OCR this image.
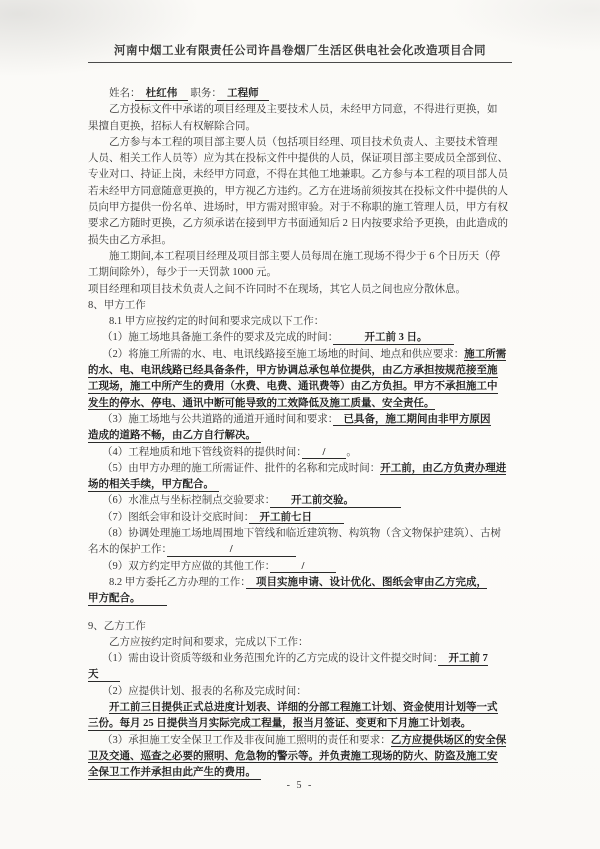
河南中烟工业有限责任公司许昌卷烟厂生活区供电社会化改造项目合同
姓名：　杜红伟　 职务：　工程师　
乙方投标文件中承诺的项目经理及主要技术人员，未经甲方同意，不得进行更换，如
果擅自更换，招标人有权解除合同。
乙方参与本工程的项目部主要人员（包括项目经理、项目技术负责人、主要技术管理
人员、相关工作人员等）应为其在投标文件中提供的人员，保证项目部主要成员全部到位、
专业对口、持证上岗，未经甲方同意，不得在其他工地兼职。乙方参与本工程的项目部人员
若未经甲方同意随意更换的，甲方视乙方违约。乙方在进场前须按其在投标文件中提供的人
员向甲方提供一份名单、进场时，甲方需对照审验。对于不称职的施工管理人员，甲方有权
要求乙方随时更换，乙方须承诺在接到甲方书面通知后 2 日内按要求给予更换，由此造成的
损失由乙方承担。
施工期间,本工程项目经理及项目部主要人员每周在施工现场不得少于 6 个日历天（停
工期间除外），每少于一天罚款 1000 元。
项目经理和项目技术负责人之间不许同时不在现场，其它人员之间也应分散休息。
8、甲方工作
8.1 甲方应按约定的时间和要求完成以下工作：
（1）施工场地具备施工条件的要求及完成的时间：　　　开工前 3 日。　　　
（2）将施工所需的水、电、电讯线路接至施工场地的时间、地点和供应要求：施工所需
的水、电、电讯线路已经具备条件，甲方协调总承包单位提供，由乙方承担按规范接至施
工现场，施工中所产生的费用（水费、电费、通讯费等）由乙方负担。甲方不承担施工中
发生的停水、停电、通讯中断可能导致的工效降低及施工质量、安全责任。
（3）施工场地与公共道路的通道开通时间和要求：　已具备，施工期间由非甲方原因
造成的道路不畅，由乙方自行解决。　
（4）工程地质和地下管线资料的提供时间：　　/　　。
（5）由甲方办理的施工所需证件、批件的名称和完成时间：开工前，由乙方负责办理进
场的相关手续，甲方配合。　
（6）水准点与坐标控制点交验要求：　　开工前交验。　　　　　
（7）图纸会审和设计交底时间：　开工前七日　　　
（8）协调处理施工场地周围地下管线和临近建筑物、构筑物（含文物保护建筑）、古树
名木的保护工作：　　　　　　/　　　　　　
（9）双方约定甲方应做的其他工作：　　　/　　　
8.2 甲方委托乙方办理的工作：　项目实施申请、设计优化、图纸会审由乙方完成，
甲方配合。　　　
9、乙方工作
乙方应按约定时间和要求，完成以下工作：
（1）需由设计资质等级和业务范围允许的乙方完成的设计文件提交时间：　开工前 7
天　　
（2）应提供计划、报表的名称及完成时间：
开工前三日提供正式总进度计划表、详细的分部工程施工计划、资金使用计划等一式
三份。每月 25 日提供当月实际完成工程量，报当月签证、变更和下月施工计划表。
（3）承担施工安全保卫工作及非夜间施工照明的责任和要求：乙方应提供场区的安全保
卫及交通、巡查之必要的照明、危急物的警示等。并负责施工现场的防火、防盗及施工安
全保卫工作并承担由此产生的费用。　
- 5 -
